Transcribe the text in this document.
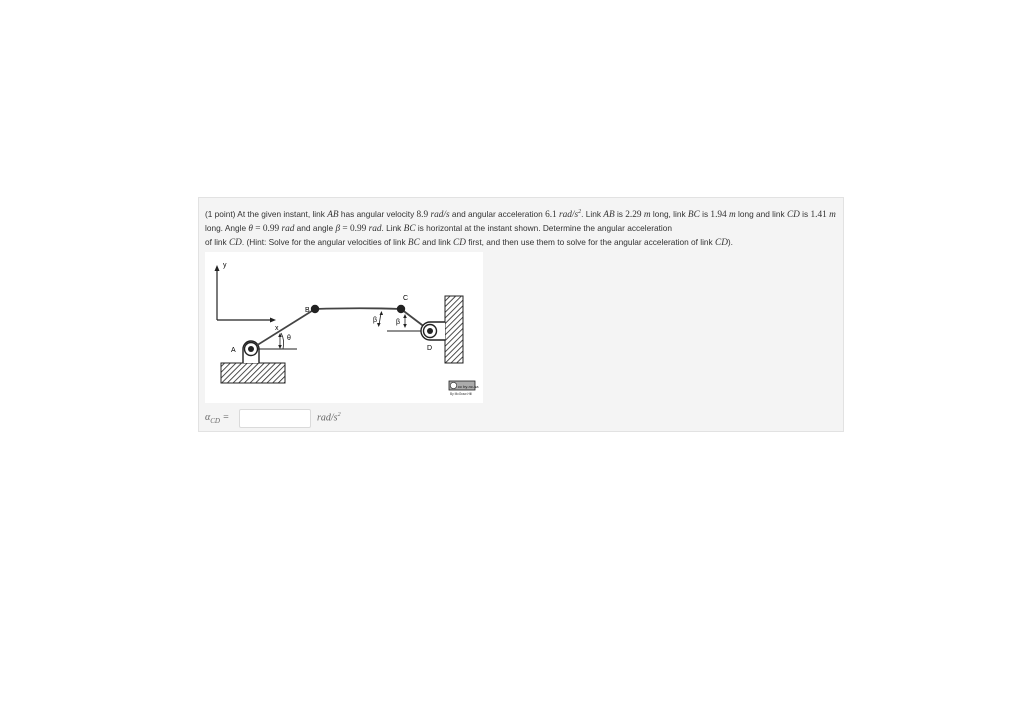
(1 point) At the given instant, link AB has angular velocity 8.9 rad/s and angular acceleration 6.1 rad/$s^2$. Link AB is 2.29 m long, link BC is 1.94 m long and link CD is 1.41 m long. Angle θ = 0.99 rad and angle β = 0.99 rad. Link BC is horizontal at the instant shown. Determine the angular acceleration
of link CD. (Hint: Solve for the angular velocities of link BC and link CD first, and then use them to solve for the angular acceleration of link CD).
y
x
A
θ
B
C
β	β
D
cc by-nc-sa
By McGraw-Hill
$\alpha_{CD}$ =	rad/$s^2$
